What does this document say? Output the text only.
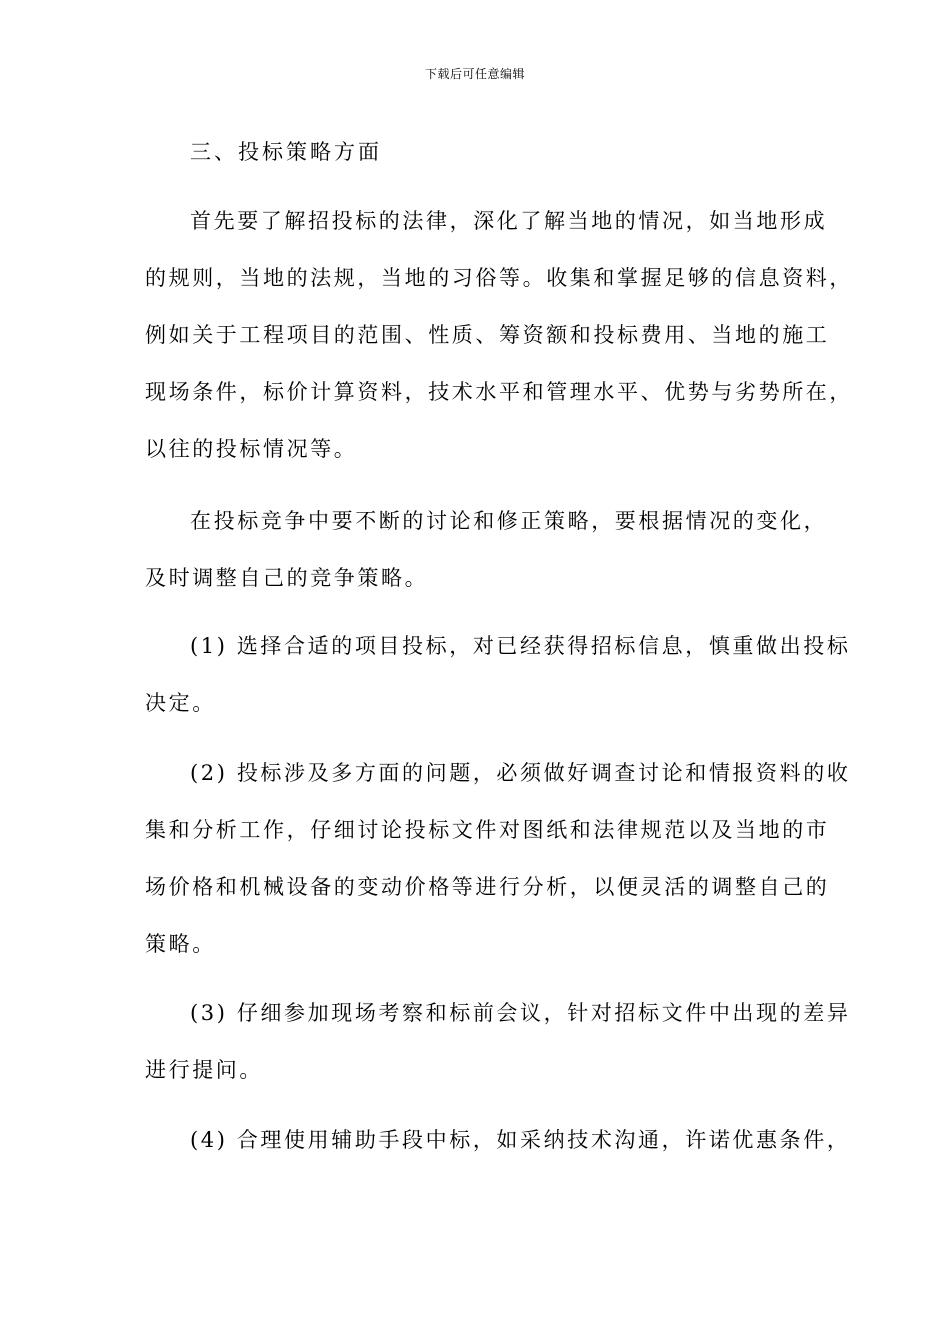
下载后可任意编辑
三、投标策略方面
首先要了解招投标的法律，深化了解当地的情况，如当地形成
的规则，当地的法规，当地的习俗等。收集和掌握足够的信息资料，
例如关于工程项目的范围、性质、筹资额和投标费用、当地的施工
现场条件，标价计算资料，技术水平和管理水平、优势与劣势所在，
以往的投标情况等。
在投标竞争中要不断的讨论和修正策略，要根据情况的变化，
及时调整自己的竞争策略。
(1) 选择合适的项目投标，对已经获得招标信息，慎重做出投标
决定。
(2) 投标涉及多方面的问题，必须做好调查讨论和情报资料的收
集和分析工作，仔细讨论投标文件对图纸和法律规范以及当地的市
场价格和机械设备的变动价格等进行分析，以便灵活的调整自己的
策略。
(3) 仔细参加现场考察和标前会议，针对招标文件中出现的差异
进行提问。
(4) 合理使用辅助手段中标，如采纳技术沟通，许诺优惠条件，
